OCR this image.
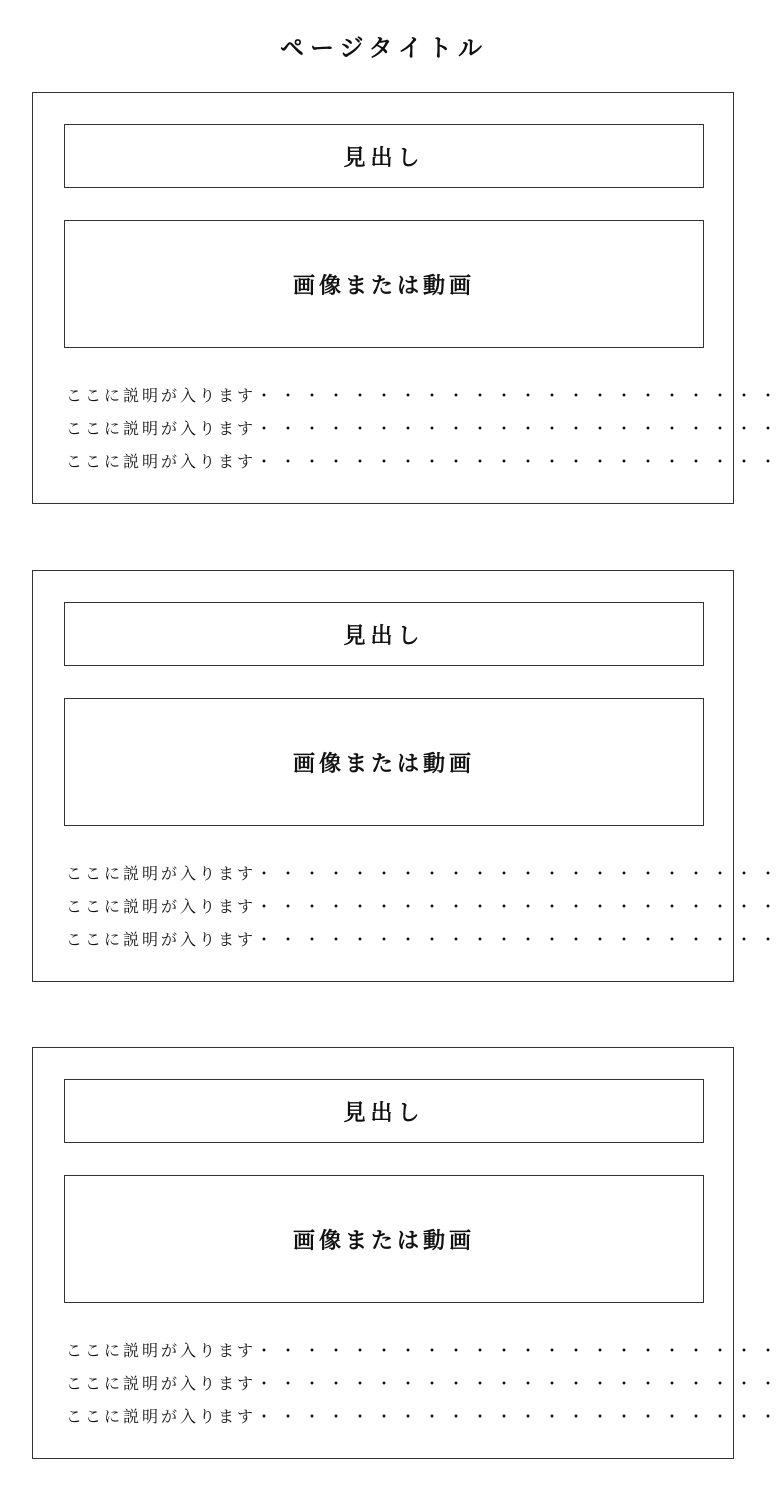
ページタイトル
見出し
画像または動画
ここに説明が入ります・・・・・・・・・・・・・・・・・・・・・・
ここに説明が入ります・・・・・・・・・・・・・・・・・・・・・・
ここに説明が入ります・・・・・・・・・・・・・・・・・・・・・・
見出し
画像または動画
ここに説明が入ります・・・・・・・・・・・・・・・・・・・・・・
ここに説明が入ります・・・・・・・・・・・・・・・・・・・・・・
ここに説明が入ります・・・・・・・・・・・・・・・・・・・・・・
見出し
画像または動画
ここに説明が入ります・・・・・・・・・・・・・・・・・・・・・・
ここに説明が入ります・・・・・・・・・・・・・・・・・・・・・・
ここに説明が入ります・・・・・・・・・・・・・・・・・・・・・・
